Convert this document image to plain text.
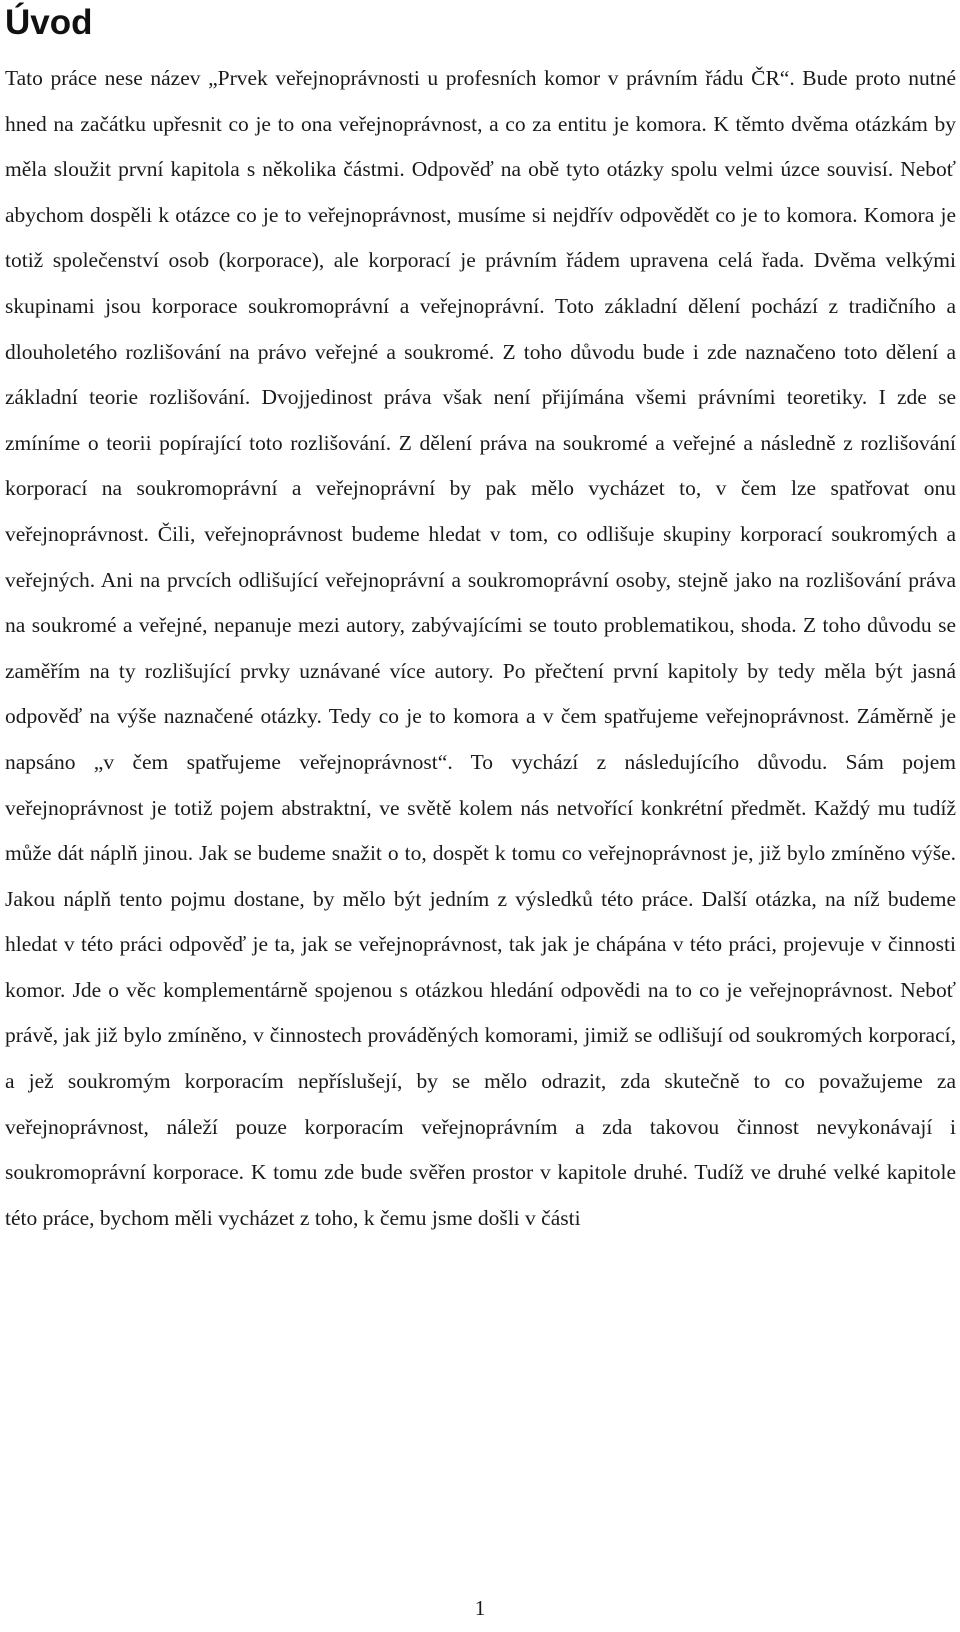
Úvod

Tato práce nese název „Prvek veřejnoprávnosti u profesních komor v právním řádu ČR“. Bude proto nutné hned na začátku upřesnit co je to ona veřejnoprávnost, a co za entitu je komora. K těmto dvěma otázkám by měla sloužit první kapitola s několika částmi. Odpověď na obě tyto otázky spolu velmi úzce souvisí. Neboť abychom dospěli k otázce co je to veřejnoprávnost, musíme si nejdřív odpovědět co je to komora. Komora je totiž společenství osob (korporace), ale korporací je právním řádem upravena celá řada. Dvěma velkými skupinami jsou korporace soukromoprávní a veřejnoprávní. Toto základní dělení pochází z tradičního a dlouholetého rozlišování na právo veřejné a soukromé. Z toho důvodu bude i zde naznačeno toto dělení a základní teorie rozlišování. Dvojjedinost práva však není přijímána všemi právními teoretiky. I zde se zmíníme o teorii popírající toto rozlišování. Z dělení práva na soukromé a veřejné a následně z rozlišování korporací na soukromoprávní a veřejnoprávní by pak mělo vycházet to, v čem lze spatřovat onu veřejnoprávnost. Čili, veřejnoprávnost budeme hledat v tom, co odlišuje skupiny korporací soukromých a veřejných. Ani na prvcích odlišující veřejnoprávní a soukromoprávní osoby, stejně jako na rozlišování práva na soukromé a veřejné, nepanuje mezi autory, zabývajícími se touto problematikou, shoda. Z toho důvodu se zaměřím na ty rozlišující prvky uznávané více autory. Po přečtení první kapitoly by tedy měla být jasná odpověď na výše naznačené otázky. Tedy co je to komora a v čem spatřujeme veřejnoprávnost. Záměrně je napsáno „v čem spatřujeme veřejnoprávnost“. To vychází z následujícího důvodu. Sám pojem veřejnoprávnost je totiž pojem abstraktní, ve světě kolem nás netvořící konkrétní předmět. Každý mu tudíž může dát náplň jinou. Jak se budeme snažit o to, dospět k tomu co veřejnoprávnost je, již bylo zmíněno výše. Jakou náplň tento pojmu dostane, by mělo být jedním z výsledků této práce. Další otázka, na níž budeme hledat v této práci odpověď je ta, jak se veřejnoprávnost, tak jak je chápána v této práci, projevuje v činnosti komor. Jde o věc komplementárně spojenou s otázkou hledání odpovědi na to co je veřejnoprávnost. Neboť právě, jak již bylo zmíněno, v činnostech prováděných komorami, jimiž se odlišují od soukromých korporací, a jež soukromým korporacím nepříslušejí, by se mělo odrazit, zda skutečně to co považujeme za veřejnoprávnost, náleží pouze korporacím veřejnoprávním a zda takovou činnost nevykonávají i soukromoprávní korporace. K tomu zde bude svěřen prostor v kapitole druhé. Tudíž ve druhé velké kapitole této práce, bychom měli vycházet z toho, k čemu jsme došli v části

1
